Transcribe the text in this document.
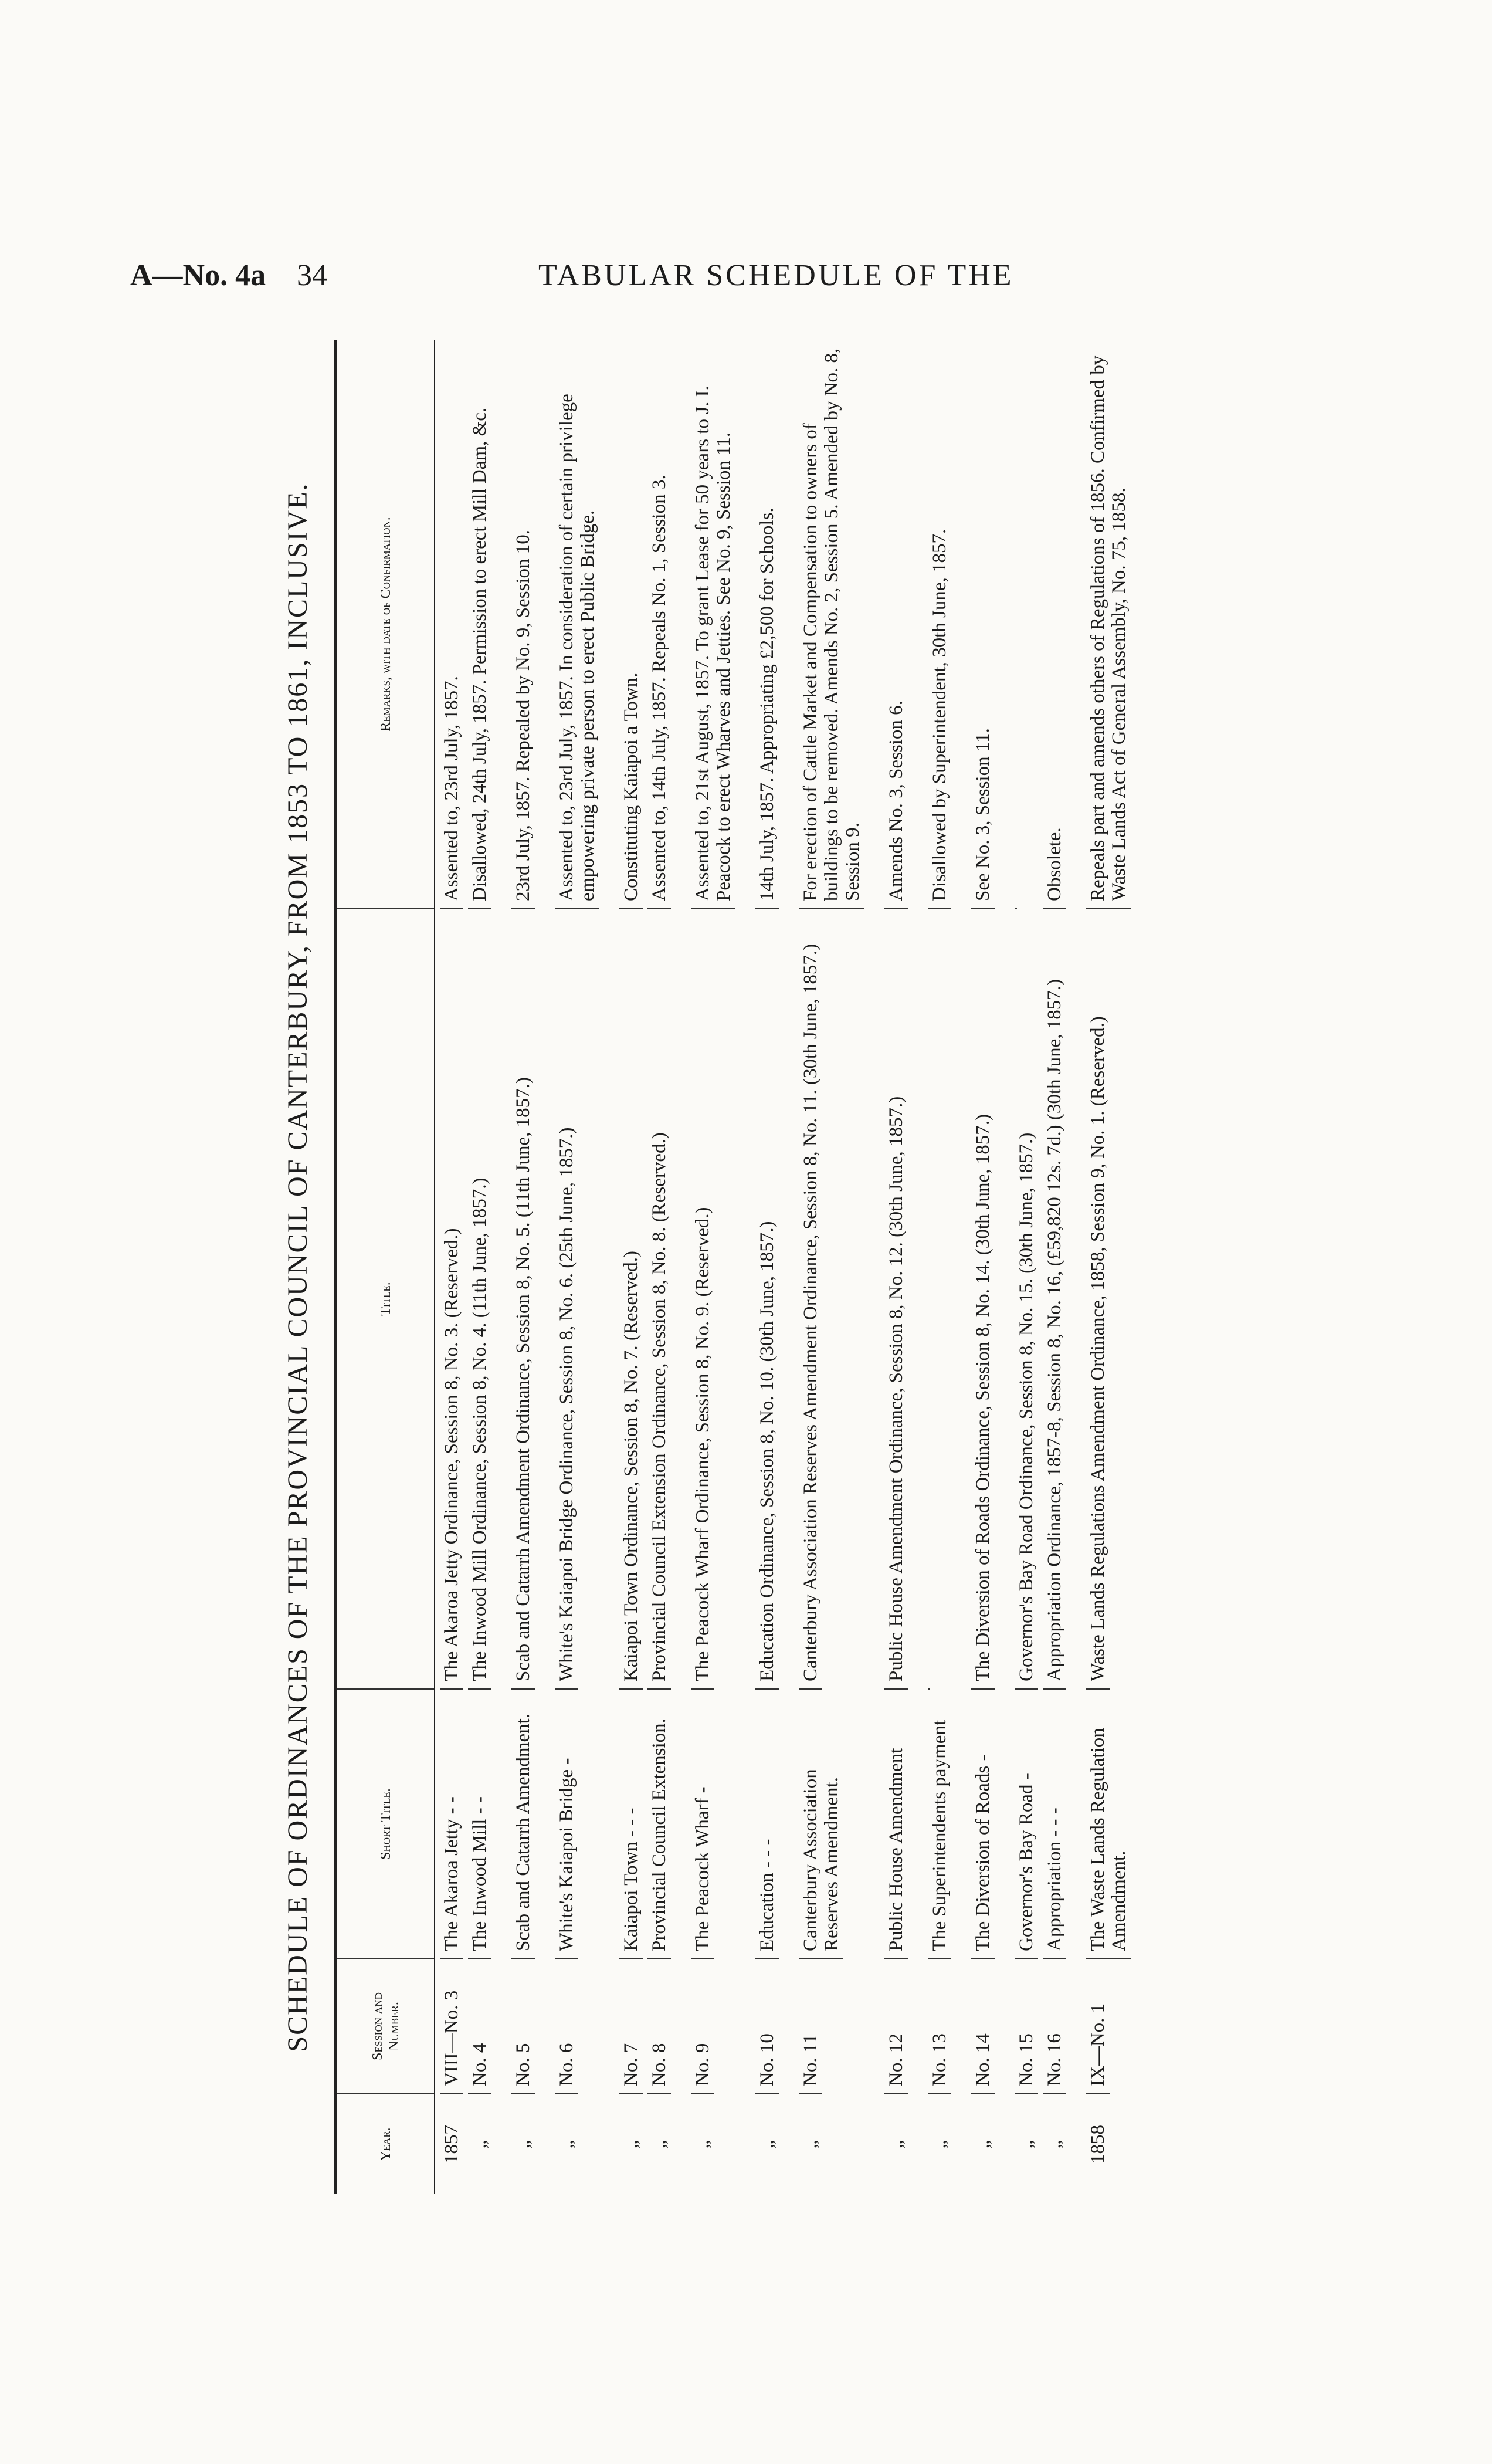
A—No. 4a 34	TABULAR SCHEDULE OF THE
SCHEDULE OF ORDINANCES OF THE PROVINCIAL COUNCIL OF CANTERBURY, FROM 1853 TO 1861, INCLUSIVE.
Year.
Session and Number.
Short Title.
Title.
Remarks, with date of Confirmation.
1857
VIII—No. 3
The Akaroa Jetty - -
The Akaroa Jetty Ordinance, Session 8, No. 3. (Reserved.)
Assented to, 23rd July, 1857.
„
No. 4
The Inwood Mill - -
The Inwood Mill Ordinance, Session 8, No. 4. (11th June, 1857.)
Disallowed, 24th July, 1857. Permission to erect Mill Dam, &c.
„
No. 5
Scab and Catarrh Amendment.
Scab and Catarrh Amendment Ordinance, Session 8, No. 5. (11th June, 1857.)
23rd July, 1857. Repealed by No. 9, Session 10.
„
No. 6
White's Kaiapoi Bridge -
White's Kaiapoi Bridge Ordinance, Session 8, No. 6. (25th June, 1857.)
Assented to, 23rd July, 1857. In consideration of certain privilege empowering private person to erect Public Bridge.
„
No. 7
Kaiapoi Town - - -
Kaiapoi Town Ordinance, Session 8, No. 7. (Reserved.)
Constituting Kaiapoi a Town.
„
No. 8
Provincial Council Extension.
Provincial Council Extension Ordinance, Session 8, No. 8. (Reserved.)
Assented to, 14th July, 1857. Repeals No. 1, Session 3.
„
No. 9
The Peacock Wharf -
The Peacock Wharf Ordinance, Session 8, No. 9. (Reserved.)
Assented to, 21st August, 1857. To grant Lease for 50 years to J. I. Peacock to erect Wharves and Jetties. See No. 9, Session 11.
„
No. 10
Education - - -
Education Ordinance, Session 8, No. 10. (30th June, 1857.)
14th July, 1857. Appropriating £2,500 for Schools.
„
No. 11
Canterbury Association Reserves Amendment.
Canterbury Association Reserves Amendment Ordinance, Session 8, No. 11. (30th June, 1857.)
For erection of Cattle Market and Compensation to owners of buildings to be removed. Amends No. 2, Session 5. Amended by No. 8, Session 9.
„
No. 12
Public House Amendment
Public House Amendment Ordinance, Session 8, No. 12. (30th June, 1857.)
Amends No. 3, Session 6.
„
No. 13
The Superintendents payment
Disallowed by Superintendent, 30th June, 1857.
„
No. 14
The Diversion of Roads -
The Diversion of Roads Ordinance, Session 8, No. 14. (30th June, 1857.)
See No. 3, Session 11.
„
No. 15
Governor's Bay Road -
Governor's Bay Road Ordinance, Session 8, No. 15. (30th June, 1857.)
„
No. 16
Appropriation - - -
Appropriation Ordinance, 1857-8, Session 8, No. 16, (£59,820 12s. 7d.) (30th June, 1857.)
Obsolete.
1858
IX—No. 1
The Waste Lands Regulation Amendment.
Waste Lands Regulations Amendment Ordinance, 1858, Session 9, No. 1. (Reserved.)
Repeals part and amends others of Regulations of 1856. Confirmed by Waste Lands Act of General Assembly, No. 75, 1858.
